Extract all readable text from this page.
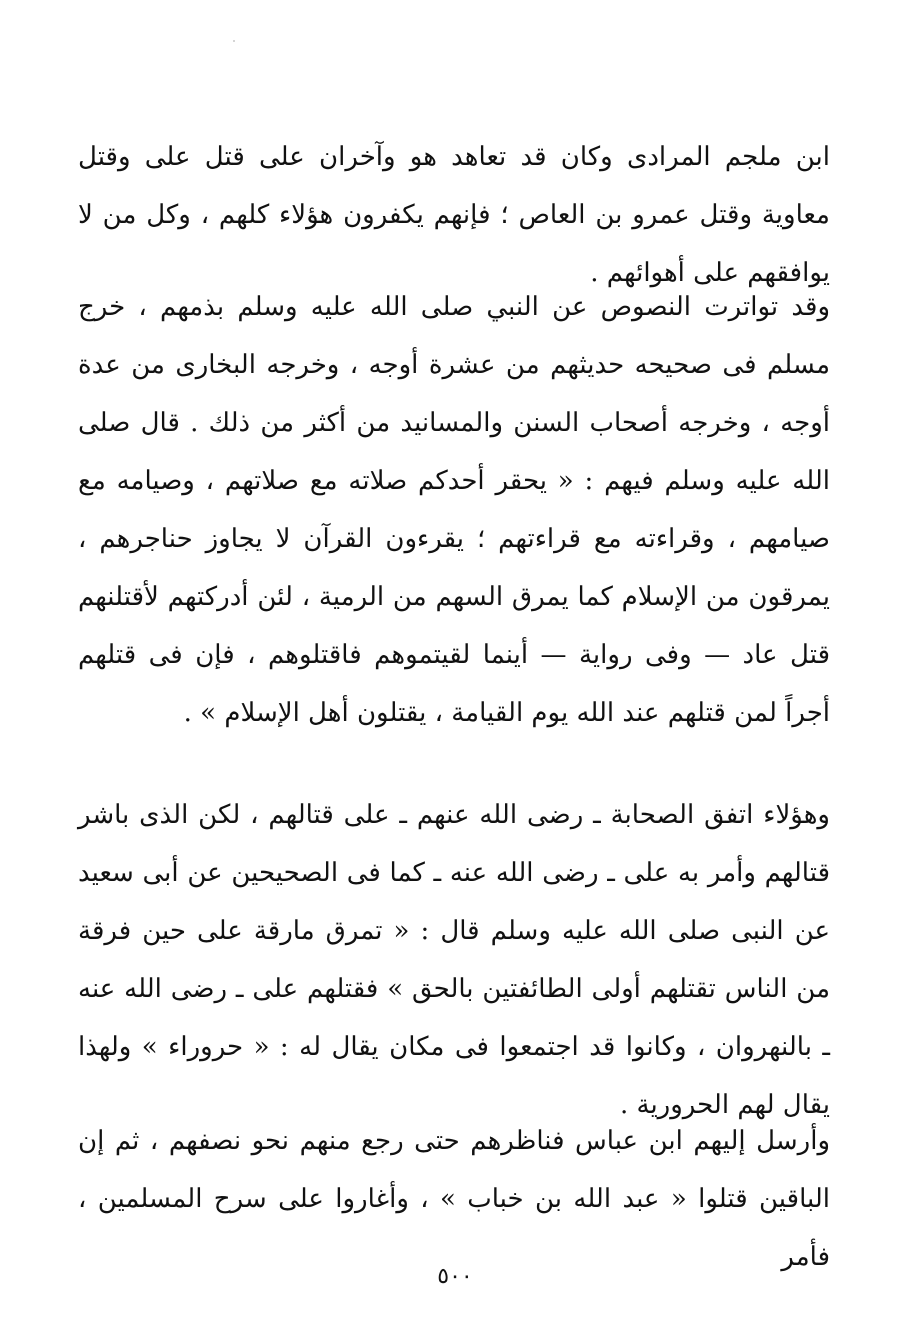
ابن ملجم المرادى وكان قد تعاهد هو وآخران على قتل على وقتل معاوية وقتل عمرو بن العاص ؛ فإنهم يكفرون هؤلاء كلهم ، وكل من لا يوافقهم على أهوائهم .

وقد تواترت النصوص عن النبي صلى الله عليه وسلم بذمهم ، خرج مسلم فى صحيحه حديثهم من عشرة أوجه ، وخرجه البخارى من عدة أوجه ، وخرجه أصحاب السنن والمسانيد من أكثر من ذلك . قال صلى الله عليه وسلم فيهم : « يحقر أحدكم صلاته مع صلاتهم ، وصيامه مع صيامهم ، وقراءته مع قراءتهم ؛ يقرءون القرآن لا يجاوز حناجرهم ، يمرقون من الإسلام كما يمرق السهم من الرمية ، لئن أدركتهم لأقتلنهم قتل عاد — وفى رواية — أينما لقيتموهم فاقتلوهم ، فإن فى قتلهم أجراً لمن قتلهم عند الله يوم القيامة ، يقتلون أهل الإسلام » .

وهؤلاء اتفق الصحابة ـ رضى الله عنهم ـ على قتالهم ، لكن الذى باشر قتالهم وأمر به على ـ رضى الله عنه ـ كما فى الصحيحين عن أبى سعيد عن النبى صلى الله عليه وسلم قال : « تمرق مارقة على حين فرقة من الناس تقتلهم أولى الطائفتين بالحق » فقتلهم على ـ رضى الله عنه ـ بالنهروان ، وكانوا قد اجتمعوا فى مكان يقال له : « حروراء » ولهذا يقال لهم الحرورية .

وأرسل إليهم ابن عباس فناظرهم حتى رجع منهم نحو نصفهم ، ثم إن الباقين قتلوا « عبد الله بن خباب » ، وأغاروا على سرح المسلمين ، فأمر

٥٠٠
